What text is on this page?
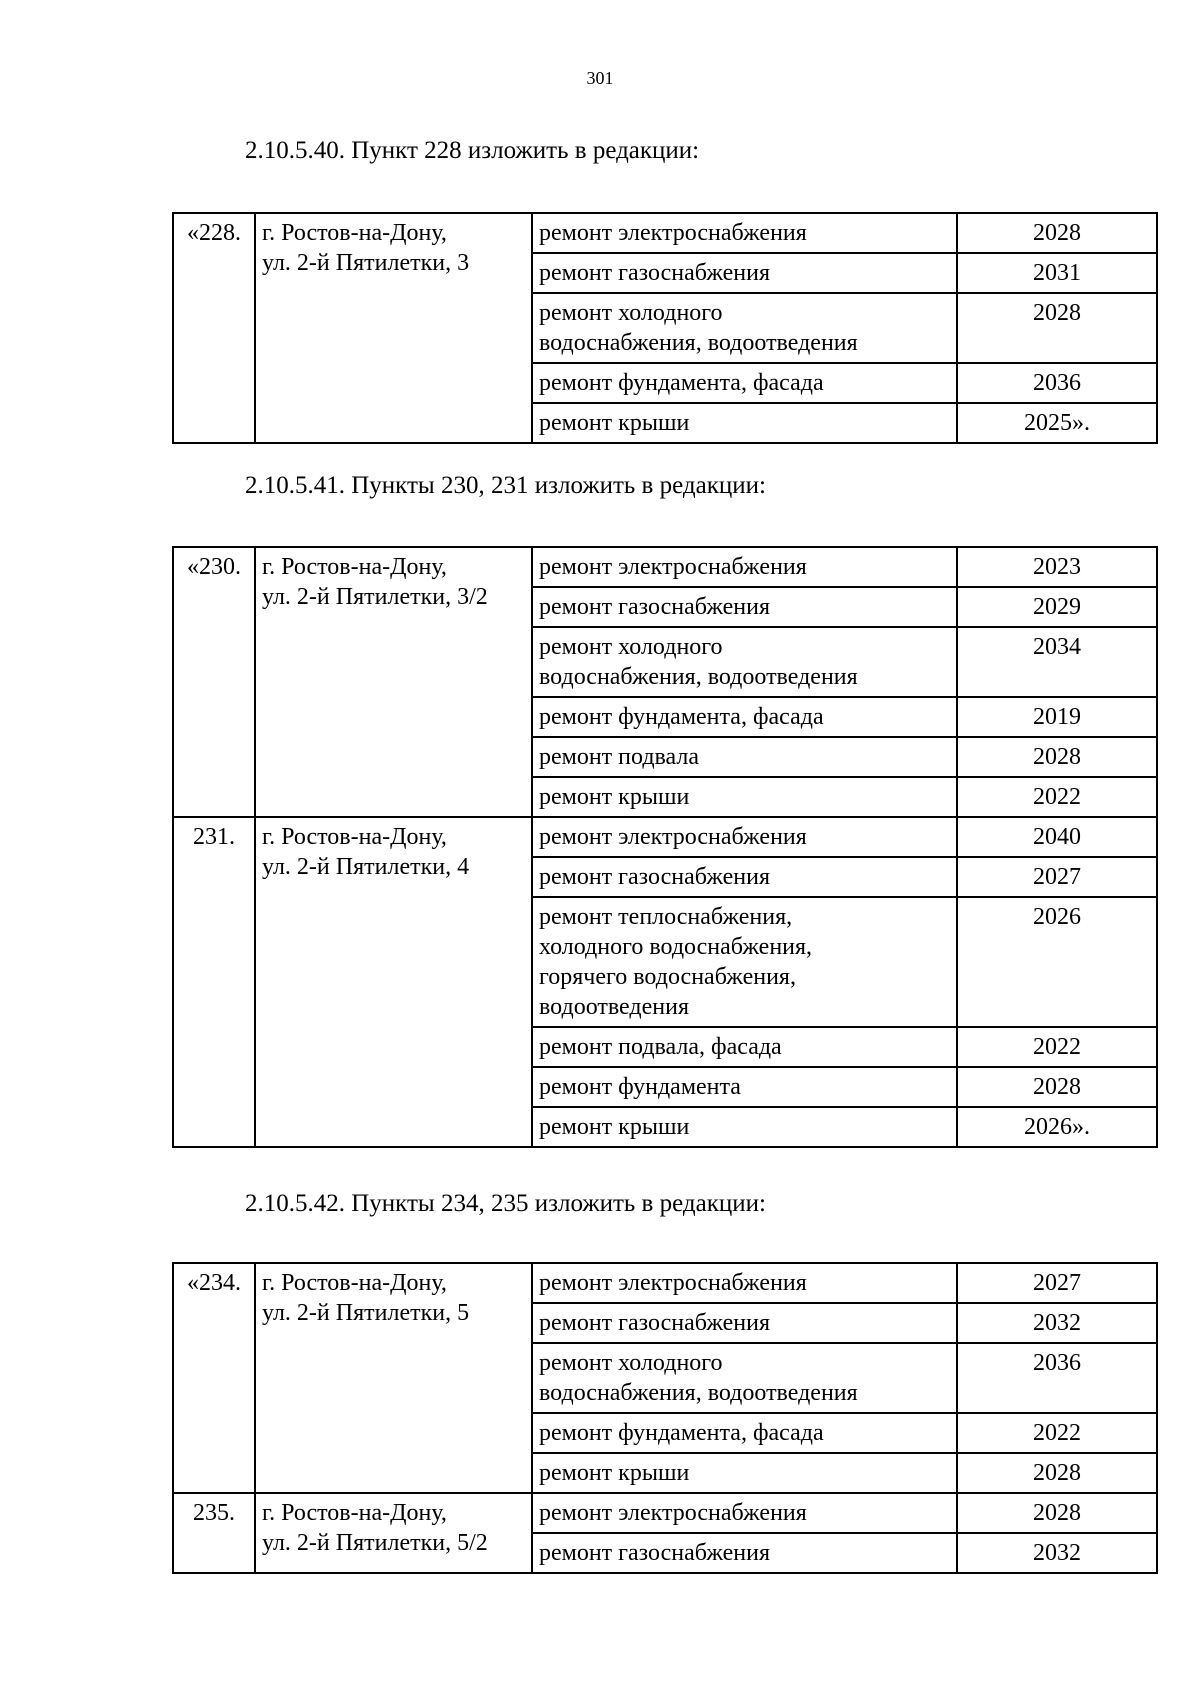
301
2.10.5.40. Пункт 228 изложить в редакции:
«228.	г. Ростов-на-Дону,
ул. 2-й Пятилетки, 3	ремонт электроснабжения	2028
		ремонт газоснабжения	2031
		ремонт холодного
водоснабжения, водоотведения	2028
		ремонт фундамента, фасада	2036
		ремонт крыши	2025».
2.10.5.41. Пункты 230, 231 изложить в редакции:
«230.	г. Ростов-на-Дону,
ул. 2-й Пятилетки, 3/2	ремонт электроснабжения	2023
		ремонт газоснабжения	2029
		ремонт холодного
водоснабжения, водоотведения	2034
		ремонт фундамента, фасада	2019
		ремонт подвала	2028
		ремонт крыши	2022
231.	г. Ростов-на-Дону,
ул. 2-й Пятилетки, 4	ремонт электроснабжения	2040
		ремонт газоснабжения	2027
		ремонт теплоснабжения,
холодного водоснабжения,
горячего водоснабжения,
водоотведения	2026
		ремонт подвала, фасада	2022
		ремонт фундамента	2028
		ремонт крыши	2026».
2.10.5.42. Пункты 234, 235 изложить в редакции:
«234.	г. Ростов-на-Дону,
ул. 2-й Пятилетки, 5	ремонт электроснабжения	2027
		ремонт газоснабжения	2032
		ремонт холодного
водоснабжения, водоотведения	2036
		ремонт фундамента, фасада	2022
		ремонт крыши	2028
235.	г. Ростов-на-Дону,
ул. 2-й Пятилетки, 5/2	ремонт электроснабжения	2028
		ремонт газоснабжения	2032
